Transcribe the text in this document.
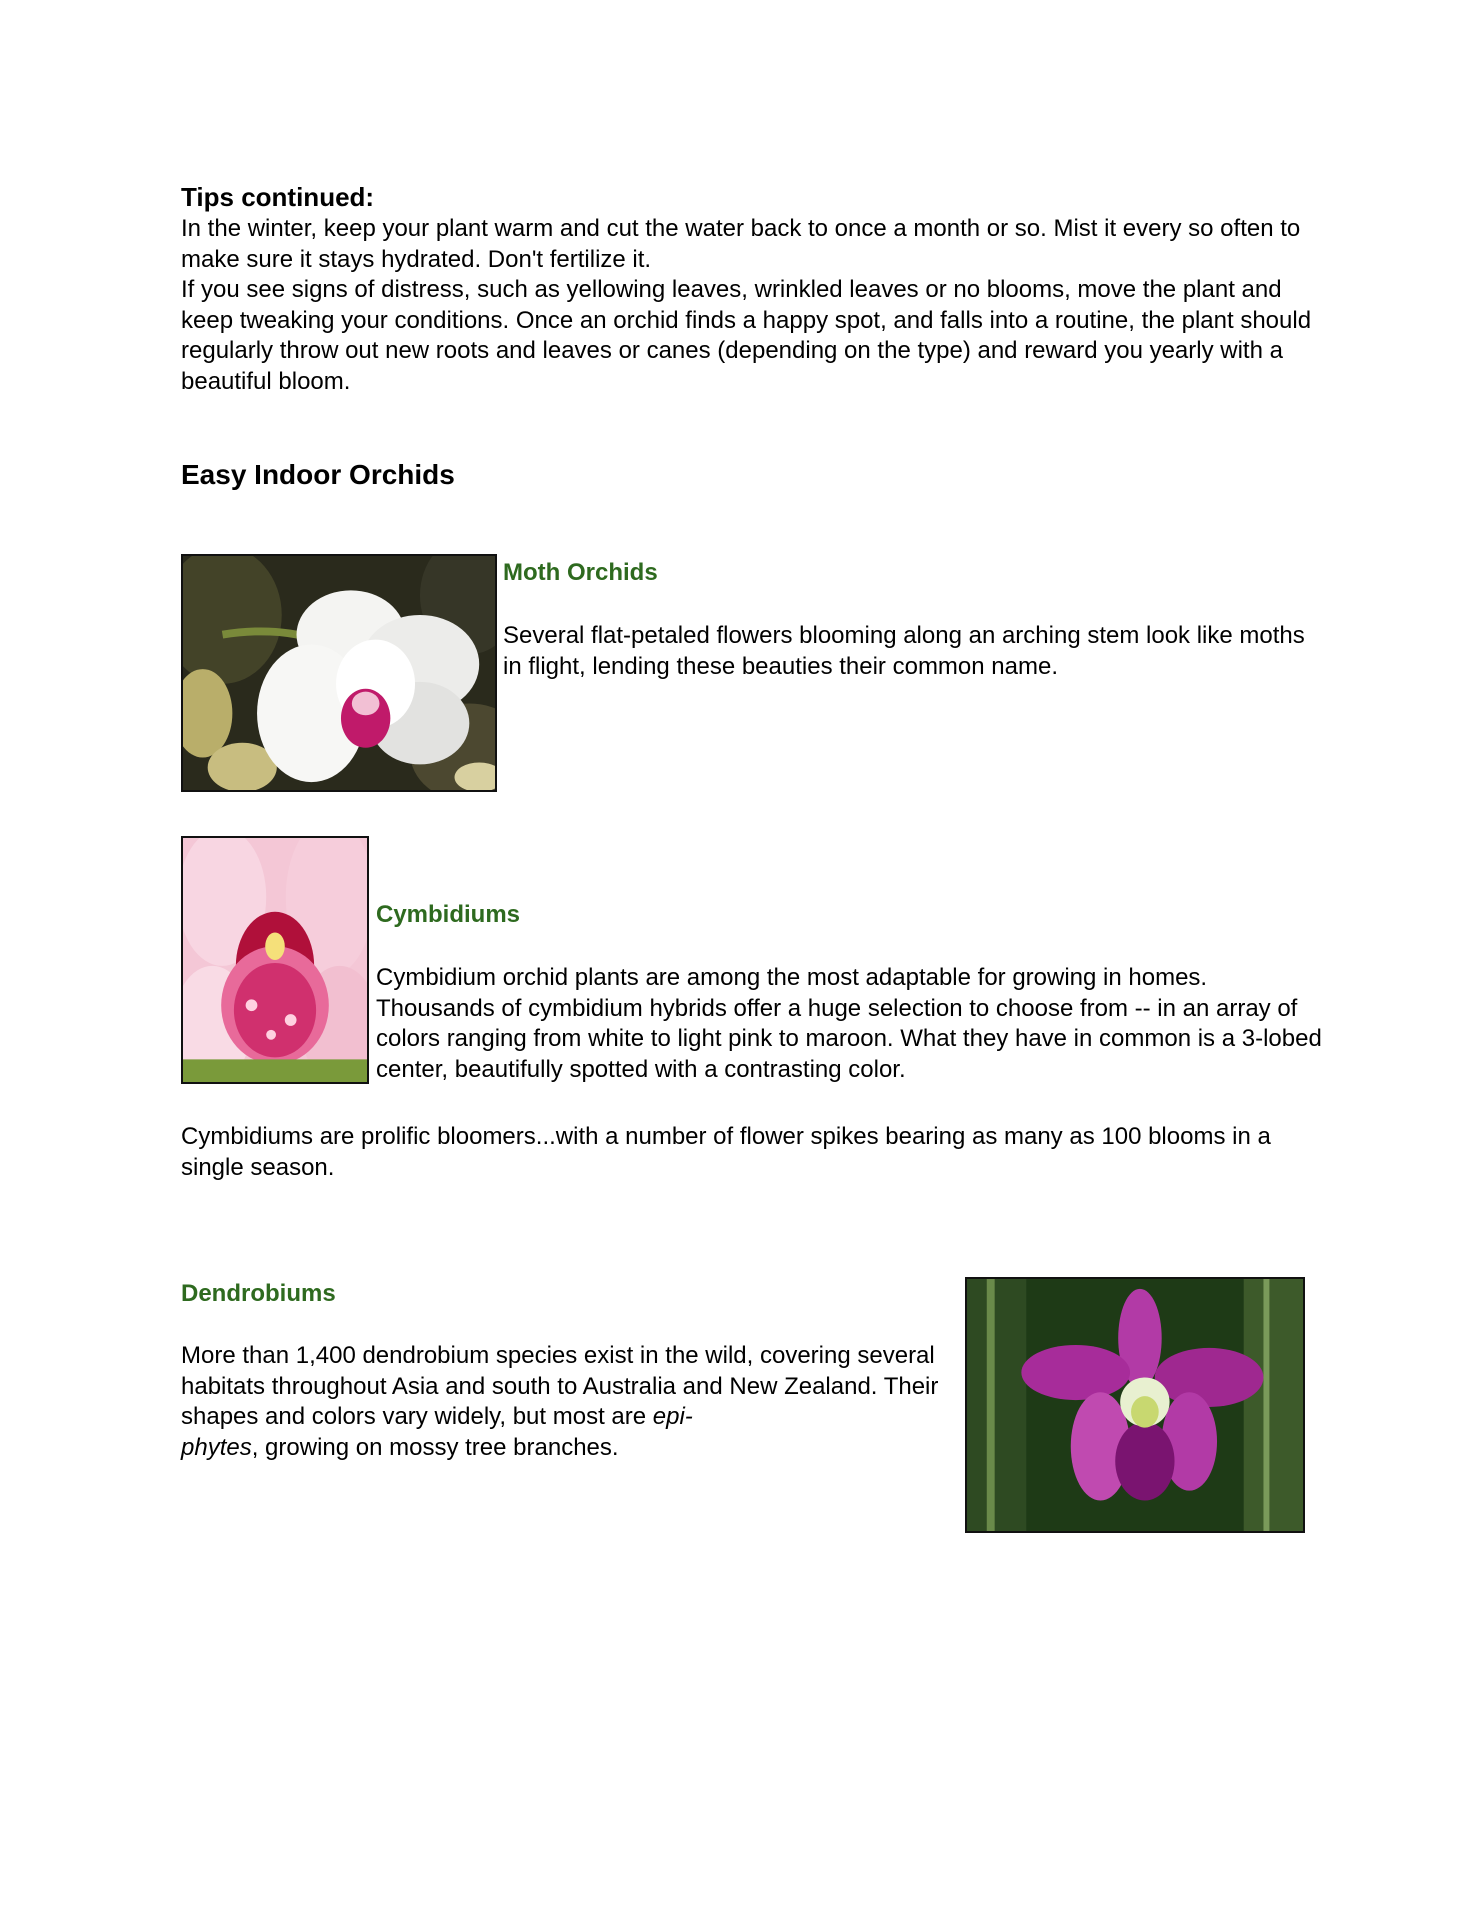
Tips continued:

In the winter, keep your plant warm and cut the water back to once a month or so. Mist it every so often to make sure it stays hydrated. Don't fertilize it.

If you see signs of distress, such as yellowing leaves, wrinkled leaves or no blooms, move the plant and keep tweaking your conditions. Once an orchid finds a happy spot, and falls into a routine, the plant should regularly throw out new roots and leaves or canes (depending on the type) and reward you yearly with a beautiful bloom.

Easy Indoor Orchids
Moth Orchids

Several flat-petaled flowers blooming along an arching stem look like moths in flight, lending these beauties their common name.

Cymbidiums

Cymbidium orchid plants are among the most adaptable for growing in homes. Thousands of cymbidium hybrids offer a huge selection to choose from -- in an array of colors ranging from white to light pink to maroon. What they have in common is a 3-lobed center, beautifully spotted with a contrasting color.

Cymbidiums are prolific bloomers...with a number of flower spikes bearing as many as 100 blooms in a single season.

Dendrobiums

More than 1,400 dendrobium species exist in the wild, covering several habitats throughout Asia and south to Australia and New Zealand. Their shapes and colors vary widely, but most are epi-
phytes, growing on mossy tree branches.
